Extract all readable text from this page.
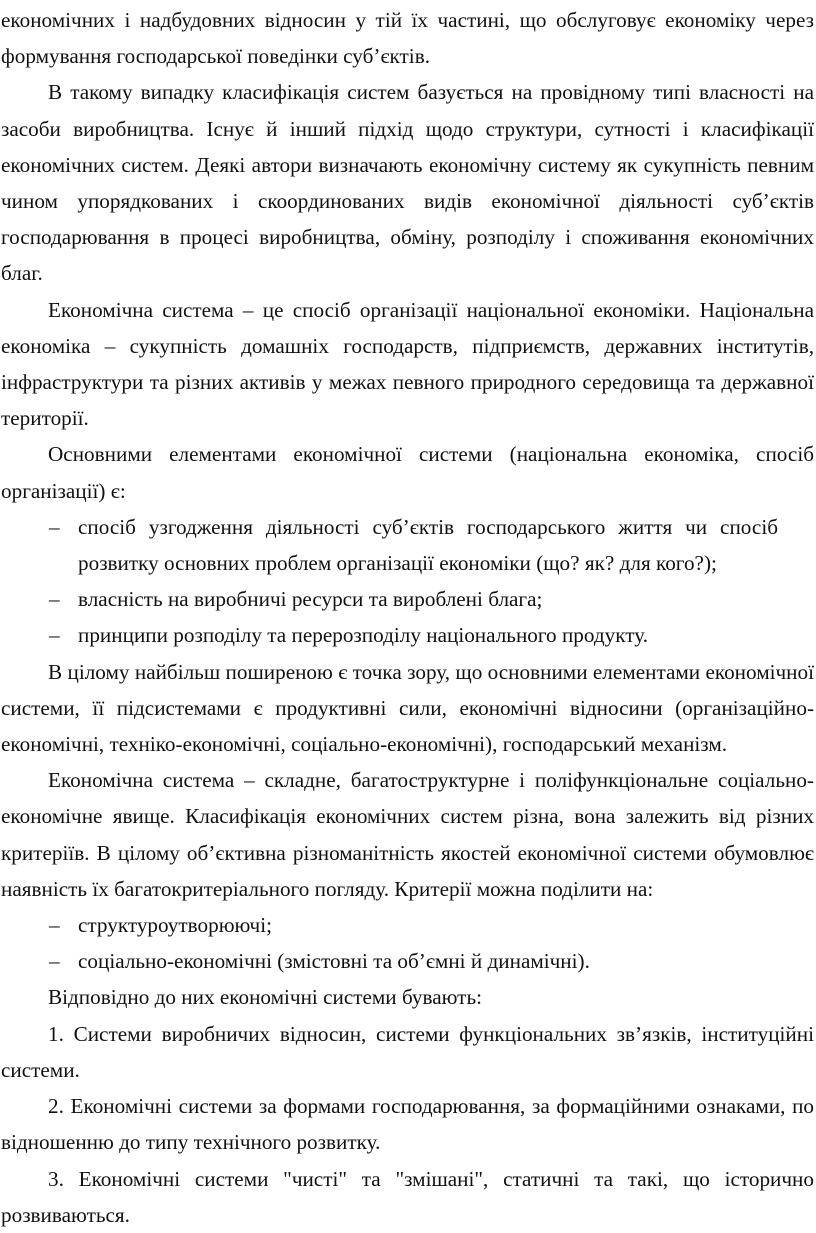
економічних і надбудовних відносин у тій їх частині, що обслуговує економіку через формування господарської поведінки суб’єктів.

В такому випадку класифікація систем базується на провідному типі власності на засоби виробництва. Існує й інший підхід щодо структури, сутності і класифікації економічних систем. Деякі автори визначають економічну систему як сукупність певним чином упорядкованих і скоординованих видів економічної діяльності суб’єктів господарювання в процесі виробництва, обміну, розподілу і споживання економічних благ.

Економічна система – це спосіб організації національної економіки. Національна економіка – сукупність домашніх господарств, підприємств, державних інститутів, інфраструктури та різних активів у межах певного природного середовища та державної території.

Основними елементами економічної системи (національна економіка, спосіб організації) є:

– спосіб узгодження діяльності суб’єктів господарського життя чи спосіб розвитку основних проблем організації економіки (що? як? для кого?);
– власність на виробничі ресурси та вироблені блага;
– принципи розподілу та перерозподілу національного продукту.

В цілому найбільш поширеною є точка зору, що основними елементами економічної системи, її підсистемами є продуктивні сили, економічні відносини (організаційно-економічні, техніко-економічні, соціально-економічні), господарський механізм.

Економічна система – складне, багатоструктурне і поліфункціональне соціально-економічне явище. Класифікація економічних систем різна, вона залежить від різних критеріїв. В цілому об’єктивна різноманітність якостей економічної системи обумовлює наявність їх багатокритеріального погляду. Критерії можна поділити на:

– структуроутворюючі;
– соціально-економічні (змістовні та об’ємні й динамічні).

Відповідно до них економічні системи бувають:

1. Системи виробничих відносин, системи функціональних зв’язків, інституційні системи.

2. Економічні системи за формами господарювання, за формаційними ознаками, по відношенню до типу технічного розвитку.

3. Економічні системи "чисті" та "змішані", статичні та такі, що історично розвиваються.
